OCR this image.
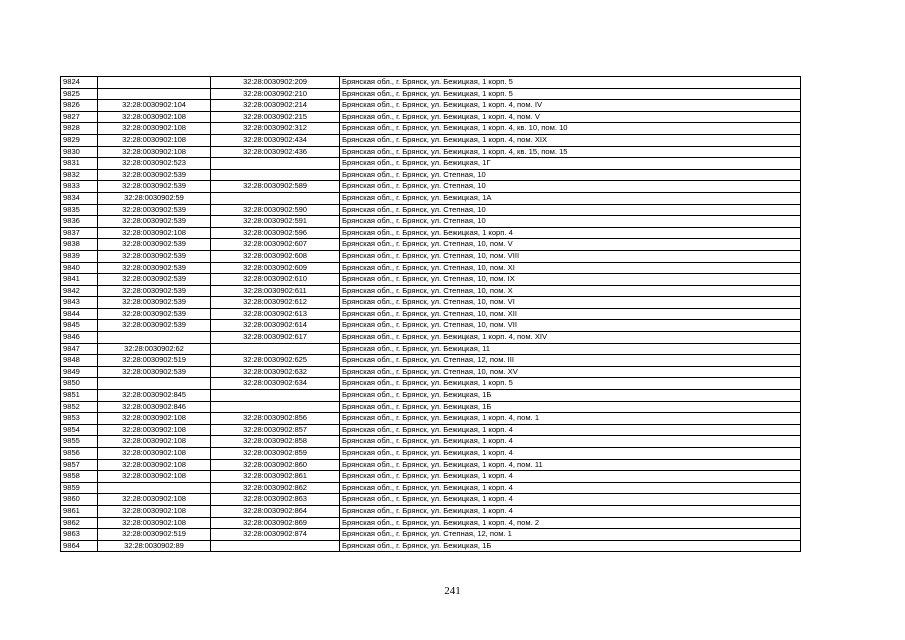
9824		32:28:0030902:209	Брянская обл., г. Брянск, ул. Бежицкая, 1 корп. 5
9825		32:28:0030902:210	Брянская обл., г. Брянск, ул. Бежицкая, 1 корп. 5
9826	32:28:0030902:104	32:28:0030902:214	Брянская обл., г. Брянск, ул. Бежицкая, 1 корп. 4, пом. IV
9827	32:28:0030902:108	32:28:0030902:215	Брянская обл., г. Брянск, ул. Бежицкая, 1 корп. 4, пом. V
9828	32:28:0030902:108	32:28:0030902:312	Брянская обл., г. Брянск, ул. Бежицкая, 1 корп. 4, кв. 10, пом. 10
9829	32:28:0030902:108	32:28:0030902:434	Брянская обл., г. Брянск, ул. Бежицкая, 1 корп. 4, пом. XIX
9830	32:28:0030902:108	32:28:0030902:436	Брянская обл., г. Брянск, ул. Бежицкая, 1 корп. 4, кв. 15, пом. 15
9831	32:28:0030902:523		Брянская обл., г. Брянск, ул. Бежицкая, 1Г
9832	32:28:0030902:539		Брянская обл., г. Брянск, ул. Степная, 10
9833	32:28:0030902:539	32:28:0030902:589	Брянская обл., г. Брянск, ул. Степная, 10
9834	32:28:0030902:59		Брянская обл., г. Брянск, ул. Бежицкая, 1А
9835	32:28:0030902:539	32:28:0030902:590	Брянская обл., г. Брянск, ул. Степная, 10
9836	32:28:0030902:539	32:28:0030902:591	Брянская обл., г. Брянск, ул. Степная, 10
9837	32:28:0030902:108	32:28:0030902:596	Брянская обл., г. Брянск, ул. Бежицкая, 1 корп. 4
9838	32:28:0030902:539	32:28:0030902:607	Брянская обл., г. Брянск, ул. Степная, 10, пом. V
9839	32:28:0030902:539	32:28:0030902:608	Брянская обл., г. Брянск, ул. Степная, 10, пом. VIII
9840	32:28:0030902:539	32:28:0030902:609	Брянская обл., г. Брянск, ул. Степная, 10, пом. XI
9841	32:28:0030902:539	32:28:0030902:610	Брянская обл., г. Брянск, ул. Степная, 10, пом. IX
9842	32:28:0030902:539	32:28:0030902:611	Брянская обл., г. Брянск, ул. Степная, 10, пом. X
9843	32:28:0030902:539	32:28:0030902:612	Брянская обл., г. Брянск, ул. Степная, 10, пом. VI
9844	32:28:0030902:539	32:28:0030902:613	Брянская обл., г. Брянск, ул. Степная, 10, пом. XII
9845	32:28:0030902:539	32:28:0030902:614	Брянская обл., г. Брянск, ул. Степная, 10, пом. VII
9846		32:28:0030902:617	Брянская обл., г. Брянск, ул. Бежицкая, 1 корп. 4, пом. XIV
9847	32:28:0030902:62		Брянская обл., г. Брянск, ул. Бежицкая, 11
9848	32:28:0030902:519	32:28:0030902:625	Брянская обл., г. Брянск, ул. Степная, 12, пом. III
9849	32:28:0030902:539	32:28:0030902:632	Брянская обл., г. Брянск, ул. Степная, 10, пом. XV
9850		32:28:0030902:634	Брянская обл., г. Брянск, ул. Бежицкая, 1 корп. 5
9851	32:28:0030902:845		Брянская обл., г. Брянск, ул. Бежицкая, 1Б
9852	32:28:0030902:846		Брянская обл., г. Брянск, ул. Бежицкая, 1Б
9853	32:28:0030902:108	32:28:0030902:856	Брянская обл., г. Брянск, ул. Бежицкая, 1 корп. 4, пом. 1
9854	32:28:0030902:108	32:28:0030902:857	Брянская обл., г. Брянск, ул. Бежицкая, 1 корп. 4
9855	32:28:0030902:108	32:28:0030902:858	Брянская обл., г. Брянск, ул. Бежицкая, 1 корп. 4
9856	32:28:0030902:108	32:28:0030902:859	Брянская обл., г. Брянск, ул. Бежицкая, 1 корп. 4
9857	32:28:0030902:108	32:28:0030902:860	Брянская обл., г. Брянск, ул. Бежицкая, 1 корп. 4, пом. 11
9858	32:28:0030902:108	32:28:0030902:861	Брянская обл., г. Брянск, ул. Бежицкая, 1 корп. 4
9859		32:28:0030902:862	Брянская обл., г. Брянск, ул. Бежицкая, 1 корп. 4
9860	32:28:0030902:108	32:28:0030902:863	Брянская обл., г. Брянск, ул. Бежицкая, 1 корп. 4
9861	32:28:0030902:108	32:28:0030902:864	Брянская обл., г. Брянск, ул. Бежицкая, 1 корп. 4
9862	32:28:0030902:108	32:28:0030902:869	Брянская обл., г. Брянск, ул. Бежицкая, 1 корп. 4, пом. 2
9863	32:28:0030902:519	32:28:0030902:874	Брянская обл., г. Брянск, ул. Степная, 12, пом. 1
9864	32:28:0030902:89		Брянская обл., г. Брянск, ул. Бежицкая, 1Б
241
